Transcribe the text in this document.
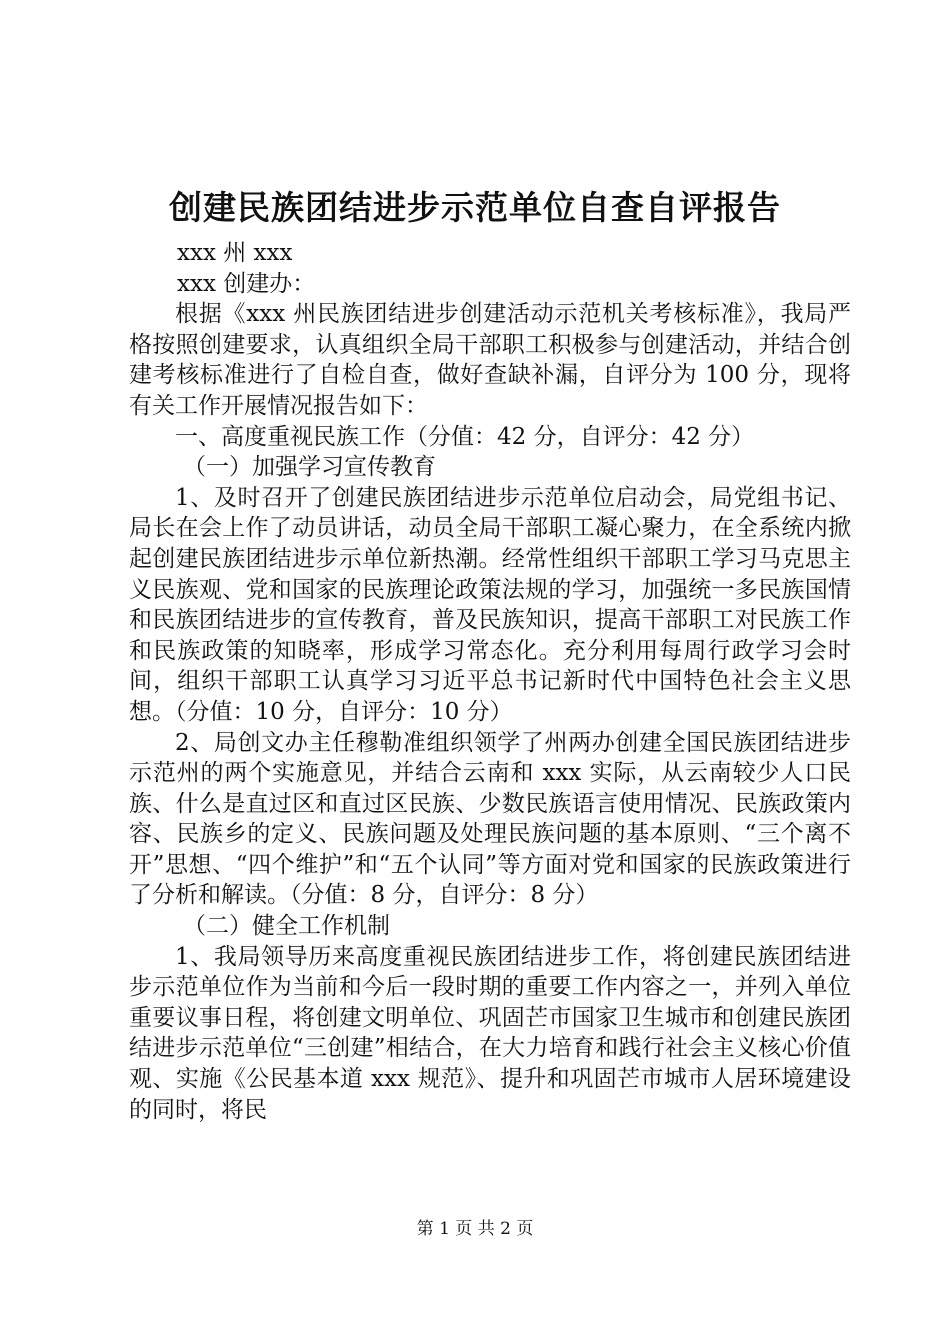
创建民族团结进步示范单位自查自评报告

xxx 州 xxx

xxx 创建办：

根据《xxx 州民族团结进步创建活动示范机关考核标准》，我局严格按照创建要求，认真组织全局干部职工积极参与创建活动，并结合创建考核标准进行了自检自查，做好查缺补漏，自评分为 100 分，现将有关工作开展情况报告如下：

一、高度重视民族工作（分值：42 分，自评分：42 分）

（一）加强学习宣传教育

1、及时召开了创建民族团结进步示范单位启动会，局党组书记、局长在会上作了动员讲话，动员全局干部职工凝心聚力，在全系统内掀起创建民族团结进步示单位新热潮。经常性组织干部职工学习马克思主义民族观、党和国家的民族理论政策法规的学习，加强统一多民族国情和民族团结进步的宣传教育，普及民族知识，提高干部职工对民族工作和民族政策的知晓率，形成学习常态化。充分利用每周行政学习会时间，组织干部职工认真学习习近平总书记新时代中国特色社会主义思想。（分值：10 分，自评分：10 分）

2、局创文办主任穆勒准组织领学了州两办创建全国民族团结进步示范州的两个实施意见，并结合云南和 xxx 实际，从云南较少人口民族、什么是直过区和直过区民族、少数民族语言使用情况、民族政策内容、民族乡的定义、民族问题及处理民族问题的基本原则、“三个离不开”思想、“四个维护”和“五个认同”等方面对党和国家的民族政策进行了分析和解读。（分值：8 分，自评分：8 分）

（二）健全工作机制

1、我局领导历来高度重视民族团结进步工作，将创建民族团结进步示范单位作为当前和今后一段时期的重要工作内容之一，并列入单位重要议事日程，将创建文明单位、巩固芒市国家卫生城市和创建民族团结进步示范单位“三创建”相结合，在大力培育和践行社会主义核心价值观、实施《公民基本道 xxx 规范》、提升和巩固芒市城市人居环境建设的同时，将民

第 1 页 共 2 页
